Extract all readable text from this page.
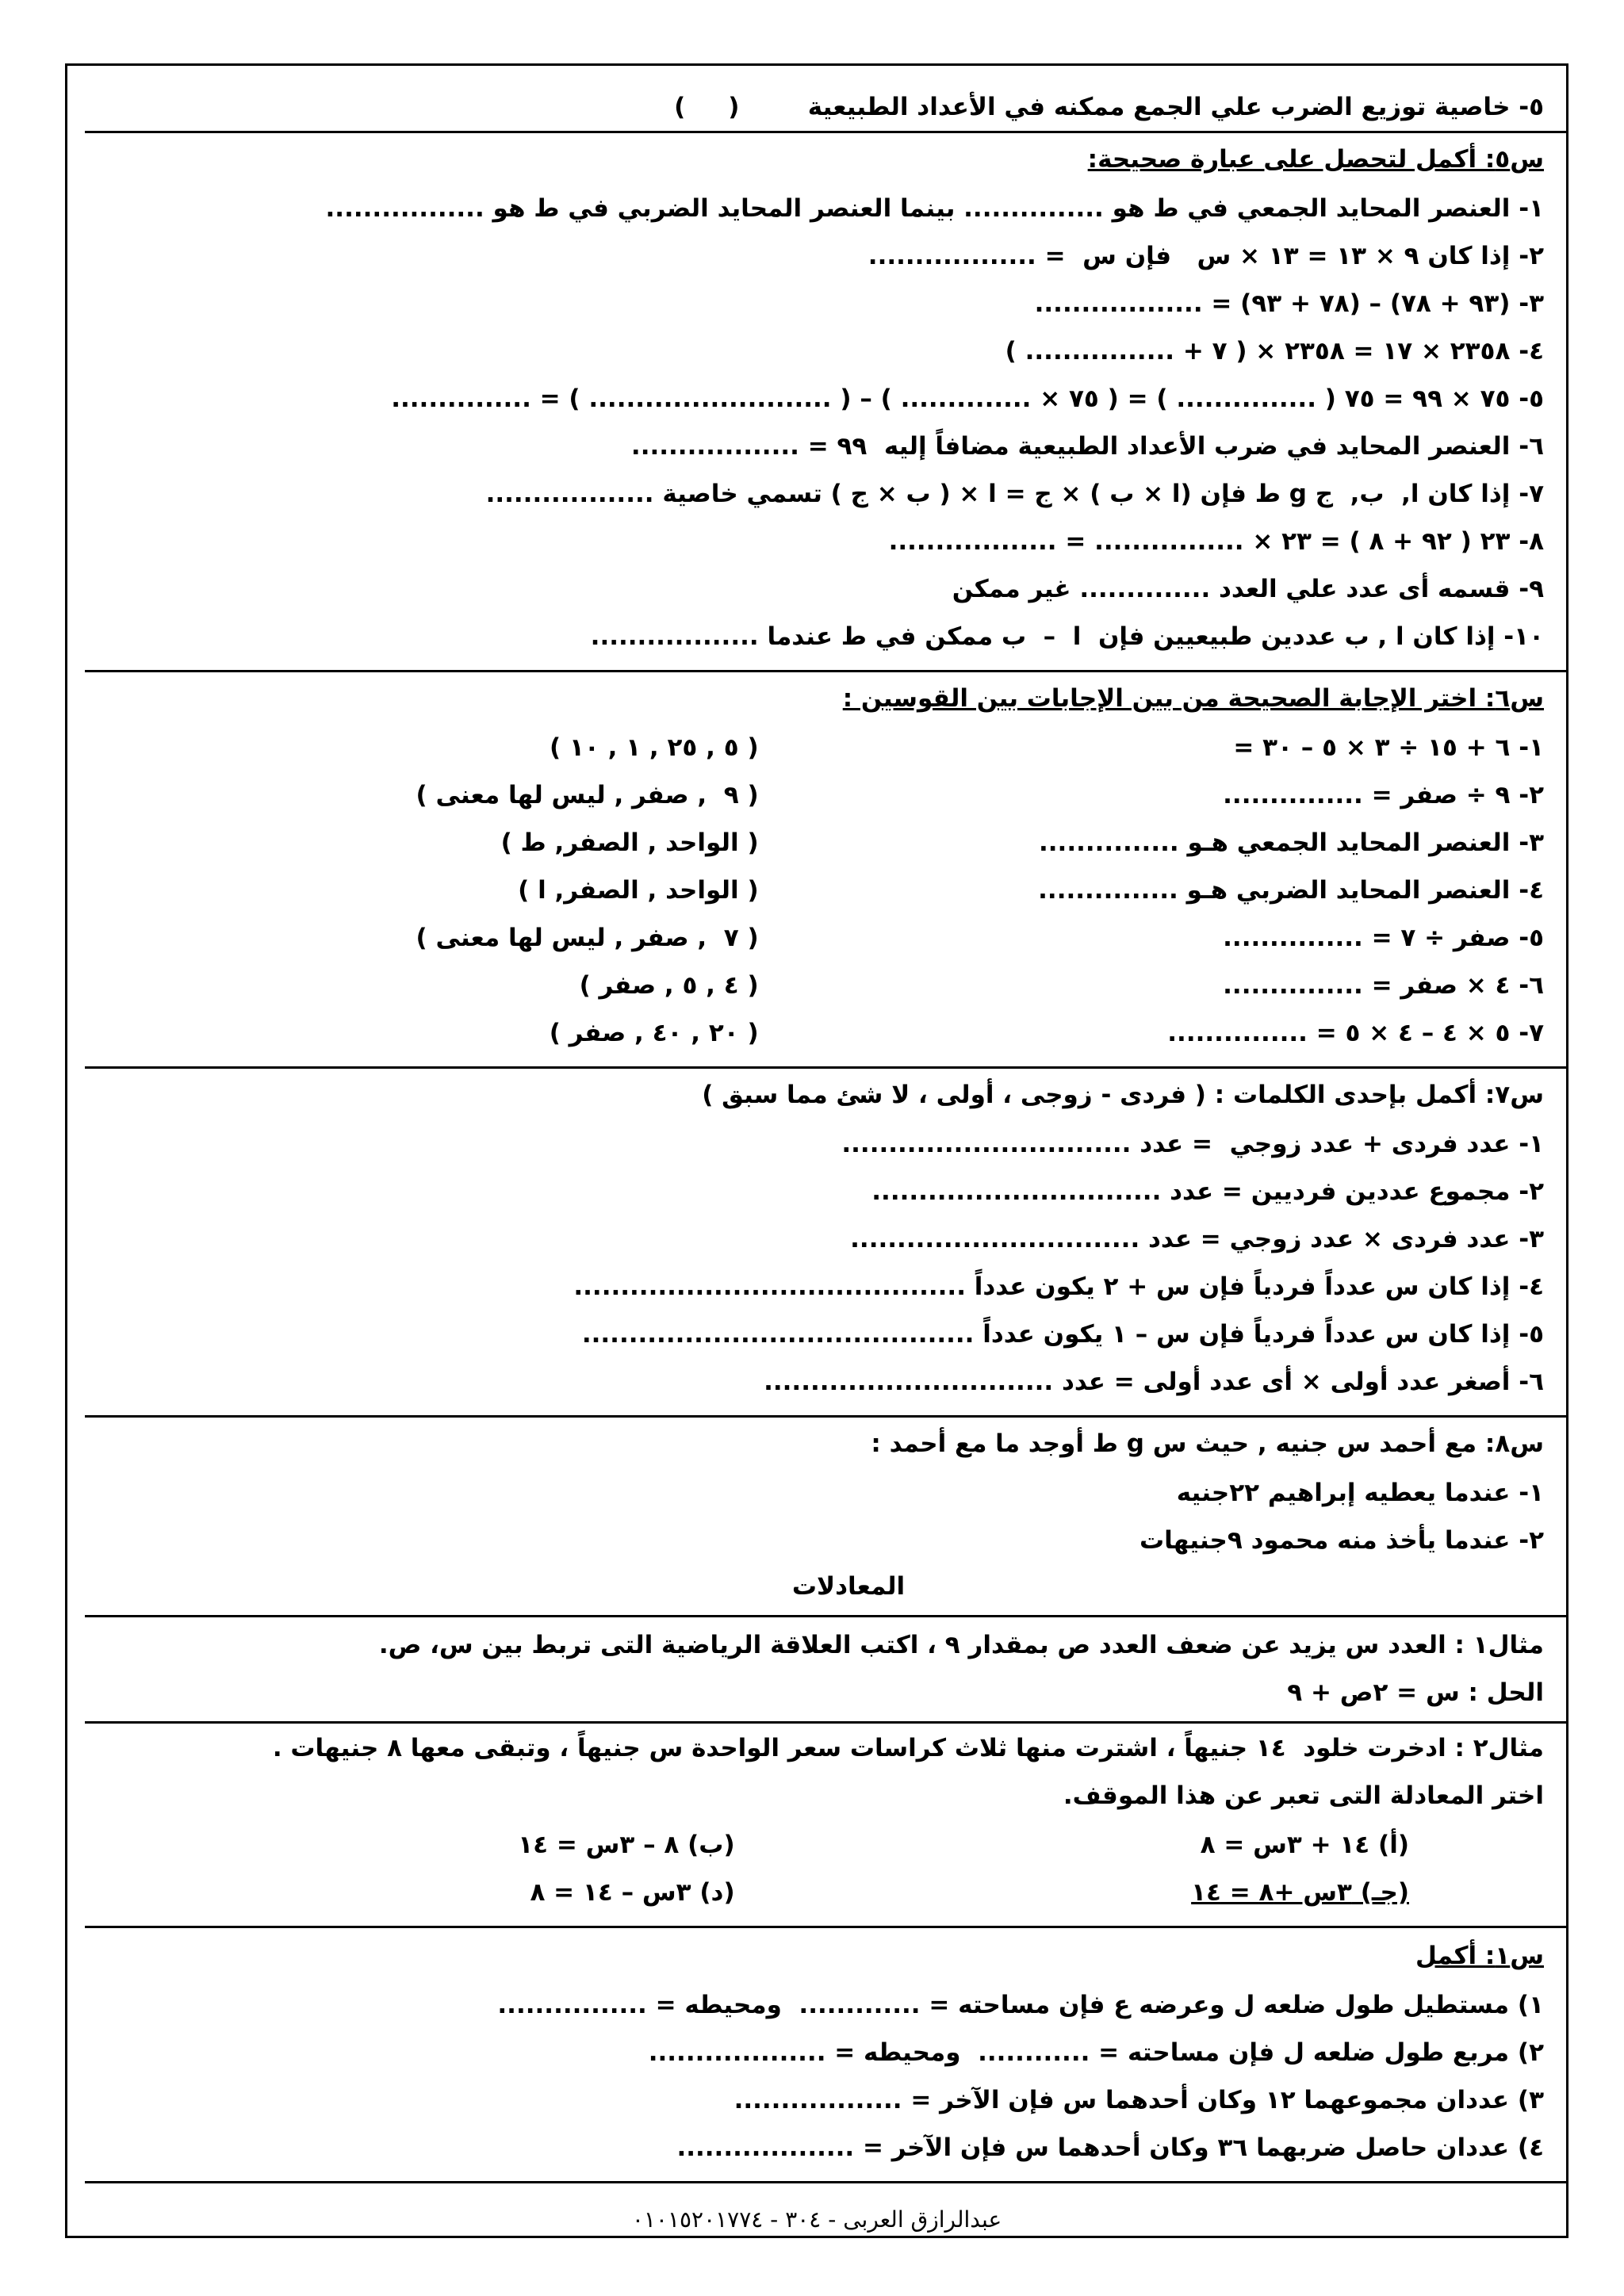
٥- خاصية توزيع الضرب علي الجمع ممكنه في الأعداد الطبيعية        (     )
س٥: أكمل لتحصل على عبارة صحيحة:
١- العنصر المحايد الجمعي في ط هو ............... بينما العنصر المحايد الضربي في ط هو .................
٢- إذا كان ٩ × ١٣ = ١٣ × س   فإن س  = ..................
٣- (٩٣ + ٧٨) – (٧٨ + ٩٣) = ..................
٤- ٢٣٥٨ × ١٧ = ٢٣٥٨ × ( ٧ + ................ )
٥- ٧٥ × ٩٩ = ٧٥ ( ............... ) = ( ٧٥ × .............. ) – ( .......................... ) = ...............
٦- العنصر المحايد في ضرب الأعداد الطبيعية مضافاً إليه  ٩٩ = ..................
٧- إذا كان ا,  ب,  ج g ط فإن (ا × ب ) × ج = ا × ( ب × ج ) تسمي خاصية ..................
٨- ٢٣ ( ٩٢ + ٨ ) = ٢٣ × ................ = ..................
٩- قسمه أى عدد علي العدد .............. غير ممكن
١٠- إذا كان ا , ب عددين طبيعيين فإن  ا  –  ب ممكن في ط عندما ..................
س٦: اختر الإجابة الصحيحة من بين الإجابات بين القوسين :
١- ٦ + ١٥ ÷ ٣ × ٥ – ٣٠ =
( ٥ , ٢٥ , ١ , ١٠ )
٢- ٩ ÷ صفر = ...............
( ٩  , صفر , ليس لها معنى )
٣- العنصر المحايد الجمعي هـو ...............
( الواحد , الصفر, ط )
٤- العنصر المحايد الضربي هـو ...............
( الواحد , الصفر, ا )
٥- صفر ÷ ٧ = ...............
( ٧  , صفر , ليس لها معنى )
٦- ٤ × صفر = ...............
( ٤ , ٥ , صفر )
٧- ٥ × ٤ – ٤ × ٥ = ...............
( ٢٠ , ٤٠ , صفر )
س٧: أكمل بإحدى الكلمات : ( فردى - زوجى ، أولى ، لا شئ مما سبق )
١- عدد فردى + عدد زوجي  = عدد ...............................
٢- مجموع عددين فرديين = عدد ...............................
٣- عدد فردى × عدد زوجي = عدد ...............................
٤- إذا كان س عدداً فردياً فإن س + ٢ يكون عدداً ..........................................
٥- إذا كان س عدداً فردياً فإن س – ١ يكون عدداً ..........................................
٦- أصغر عدد أولى × أى عدد أولى = عدد ...............................
س٨: مع أحمد س جنيه , حيث س g ط أوجد ما مع أحمد :
١- عندما يعطيه إبراهيم ٢٢جنيه
٢- عندما يأخذ منه محمود ٩جنيهات
المعادلات
مثال١ : العدد س يزيد عن ضعف العدد ص بمقدار ٩ ، اكتب العلاقة الرياضية التى تربط بين س، ص.
الحل : س = ٢ص + ٩
مثال٢ : ادخرت خلود  ١٤ جنيهاً ، اشترت منها ثلاث كراسات سعر الواحدة س جنيهاً ، وتبقى معها ٨ جنيهات .
اختر المعادلة التى تعبر عن هذا الموقف.
(أ) ١٤ + ٣س = ٨
(ب) ٨ – ٣س = ١٤
(جـ) ٣س +٨ = ١٤
(د) ٣س – ١٤ = ٨
س١: أكمل
١) مستطيل طول ضلعه ل وعرضه ع فإن مساحته = .............  ومحيطه = ................
٢) مربع طول ضلعه ل فإن مساحته = ............  ومحيطه = ...................
٣) عددان مجموعهما ١٢ وكان أحدهما س فإن الآخر = ..................
٤) عددان حاصل ضربهما ٣٦ وكان أحدهما س فإن الآخر = ...................
عبدالرازق العربى - ٣٠٤ - ٠١٠١٥٢٠١٧٧٤
